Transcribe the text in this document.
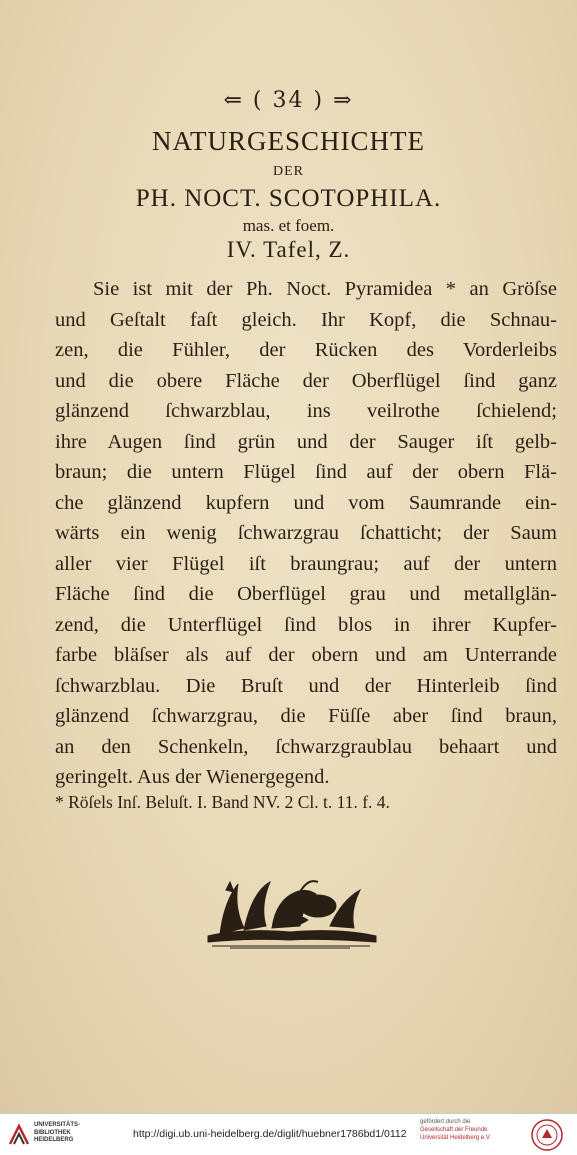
⇐ ( 34 ) ⇒
NATURGESCHICHTE
DER
PH. NOCT. SCOTOPHILA.
mas. et foem.
IV. Tafel, Z.
Sie ist mit der Ph. Noct. Pyramidea * an Gröſse
und Geſtalt faſt gleich. Ihr Kopf, die Schnau-
zen, die Fühler, der Rücken des Vorderleibs
und die obere Fläche der Oberflügel ſind ganz
glänzend ſchwarzblau, ins veilrothe ſchielend;
ihre Augen ſind grün und der Sauger iſt gelb-
braun; die untern Flügel ſind auf der obern Flä-
che glänzend kupfern und vom Saumrande ein-
wärts ein wenig ſchwarzgrau ſchatticht; der Saum
aller vier Flügel iſt braungrau; auf der untern
Fläche ſind die Oberflügel grau und metallglän-
zend, die Unterflügel ſind blos in ihrer Kupfer-
farbe bläſser als auf der obern und am Unterrande
ſchwarzblau. Die Bruſt und der Hinterleib ſind
glänzend ſchwarzgrau, die Füſſe aber ſind braun,
an den Schenkeln, ſchwarzgraublau behaart und
geringelt. Aus der Wienergegend.
* Röſels Inſ. Beluſt. I. Band NV. 2 Cl. t. 11. f. 4.
UNIVERSITÄTS-
BIBLIOTHEK
HEIDELBERG	http://digi.ub.uni-heidelberg.de/diglit/huebner1786bd1/0112
gefördert durch die
Gesellschaft der Freunde
Universität Heidelberg e.V.
